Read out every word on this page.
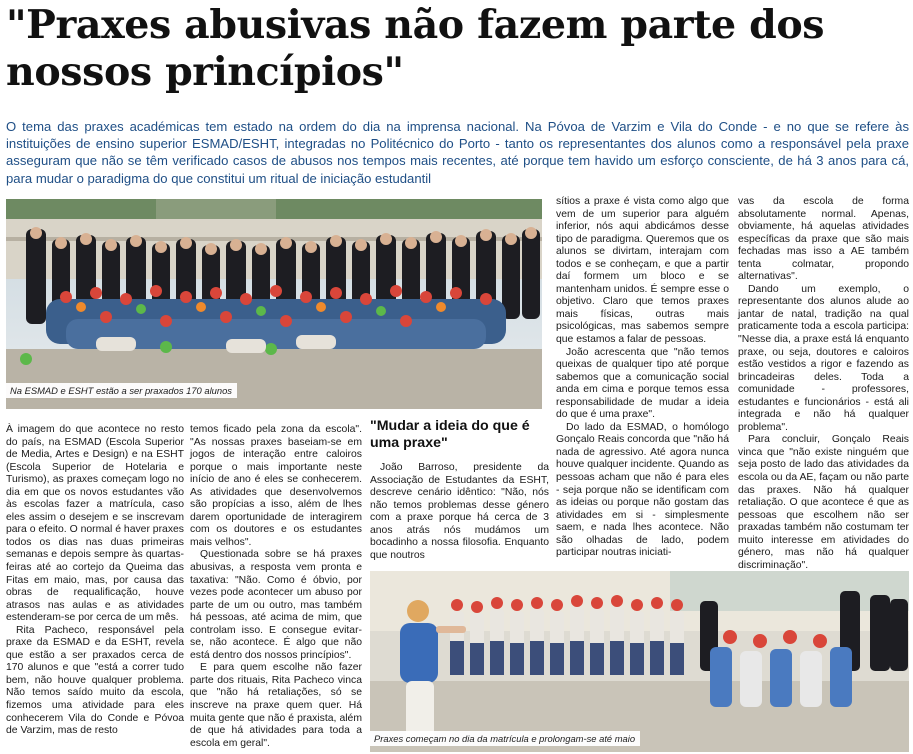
"Praxes abusivas não fazem parte dos nossos princípios"

O tema das praxes académicas tem estado na ordem do dia na imprensa nacional. Na Póvoa de Varzim e Vila do Conde - e no que se refere às instituições de ensino superior ESMAD/ESHT, integradas no Politécnico do Porto - tanto os representantes dos alunos como a responsável pela praxe asseguram que não se têm verificado casos de abusos nos tempos mais recentes, até porque tem havido um esforço consciente, de há 3 anos para cá, para mudar o paradigma do que constitui um ritual de iniciação estudantil

Na ESMAD e ESHT estão a ser praxados 170 alunos

À imagem do que acontece no resto do país, na ESMAD (Escola Superior de Media, Artes e Design) e na ESHT (Escola Superior de Hotelaria e Turismo), as praxes começam logo no dia em que os novos estudantes vão às escolas fazer a matrícula, caso eles assim o desejem e se inscrevam para o efeito. O normal é haver praxes todos os dias nas duas primeiras semanas e depois sempre às quartas-feiras até ao cortejo da Queima das Fitas em maio, mas, por causa das obras de requalificação, houve atrasos nas aulas e as atividades estenderam-se por cerca de um mês.

Rita Pacheco, responsável pela praxe da ESMAD e da ESHT, revela que estão a ser praxados cerca de 170 alunos e que "está a correr tudo bem, não houve qualquer problema. Não temos saído muito da escola, fizemos uma atividade para eles conhecerem Vila do Conde e Póvoa de Varzim, mas de resto

temos ficado pela zona da escola". "As nossas praxes baseiam-se em jogos de interação entre caloiros porque o mais importante neste início de ano é eles se conhecerem. As atividades que desenvolvemos são propícias a isso, além de lhes darem oportunidade de interagirem com os doutores e os estudantes mais velhos".

Questionada sobre se há praxes abusivas, a resposta vem pronta e taxativa: "Não. Como é óbvio, por vezes pode acontecer um abuso por parte de um ou outro, mas também há pessoas, até acima de mim, que controlam isso. E consegue evitar-se, não acontece. É algo que não está dentro dos nossos princípios".

E para quem escolhe não fazer parte dos rituais, Rita Pacheco vinca que "não há retaliações, só se inscreve na praxe quem quer. Há muita gente que não é praxista, além de que há atividades para toda a escola em geral".

"Mudar a ideia do que é uma praxe"

João Barroso, presidente da Associação de Estudantes da ESHT, descreve cenário idêntico: "Não, nós não temos problemas desse género com a praxe porque há cerca de 3 anos atrás nós mudámos um bocadinho a nossa filosofia. Enquanto que noutros

sítios a praxe é vista como algo que vem de um superior para alguém inferior, nós aqui abdicámos desse tipo de paradigma. Queremos que os alunos se divirtam, interajam com todos e se conheçam, e que a partir daí formem um bloco e se mantenham unidos. É sempre esse o objetivo. Claro que temos praxes mais físicas, outras mais psicológicas, mas sabemos sempre que estamos a falar de pessoas.

João acrescenta que "não temos queixas de qualquer tipo até porque sabemos que a comunicação social anda em cima e porque temos essa responsabilidade de mudar a ideia do que é uma praxe".

Do lado da ESMAD, o homólogo Gonçalo Reais concorda que "não há nada de agressivo. Até agora nunca houve qualquer incidente. Quando as pessoas acham que não é para eles - seja porque não se identificam com as ideias ou porque não gostam das atividades em si - simplesmente saem, e nada lhes acontece. Não são olhadas de lado, podem participar noutras iniciati-

vas da escola de forma absolutamente normal. Apenas, obviamente, há aquelas atividades específicas da praxe que são mais fechadas mas isso a AE também tenta colmatar, propondo alternativas".

Dando um exemplo, o representante dos alunos alude ao jantar de natal, tradição na qual praticamente toda a escola participa: "Nesse dia, a praxe está lá enquanto praxe, ou seja, doutores e caloiros estão vestidos a rigor e fazendo as brincadeiras deles. Toda a comunidade - professores, estudantes e funcionários - está ali integrada e não há qualquer problema".

Para concluir, Gonçalo Reais vinca que "não existe ninguém que seja posto de lado das atividades da escola ou da AE, façam ou não parte das praxes. Não há qualquer retaliação. O que acontece é que as pessoas que escolhem não ser praxadas também não costumam ter muito interesse em atividades do género, mas não há qualquer discriminação".

Praxes começam no dia da matrícula e prolongam-se até maio
